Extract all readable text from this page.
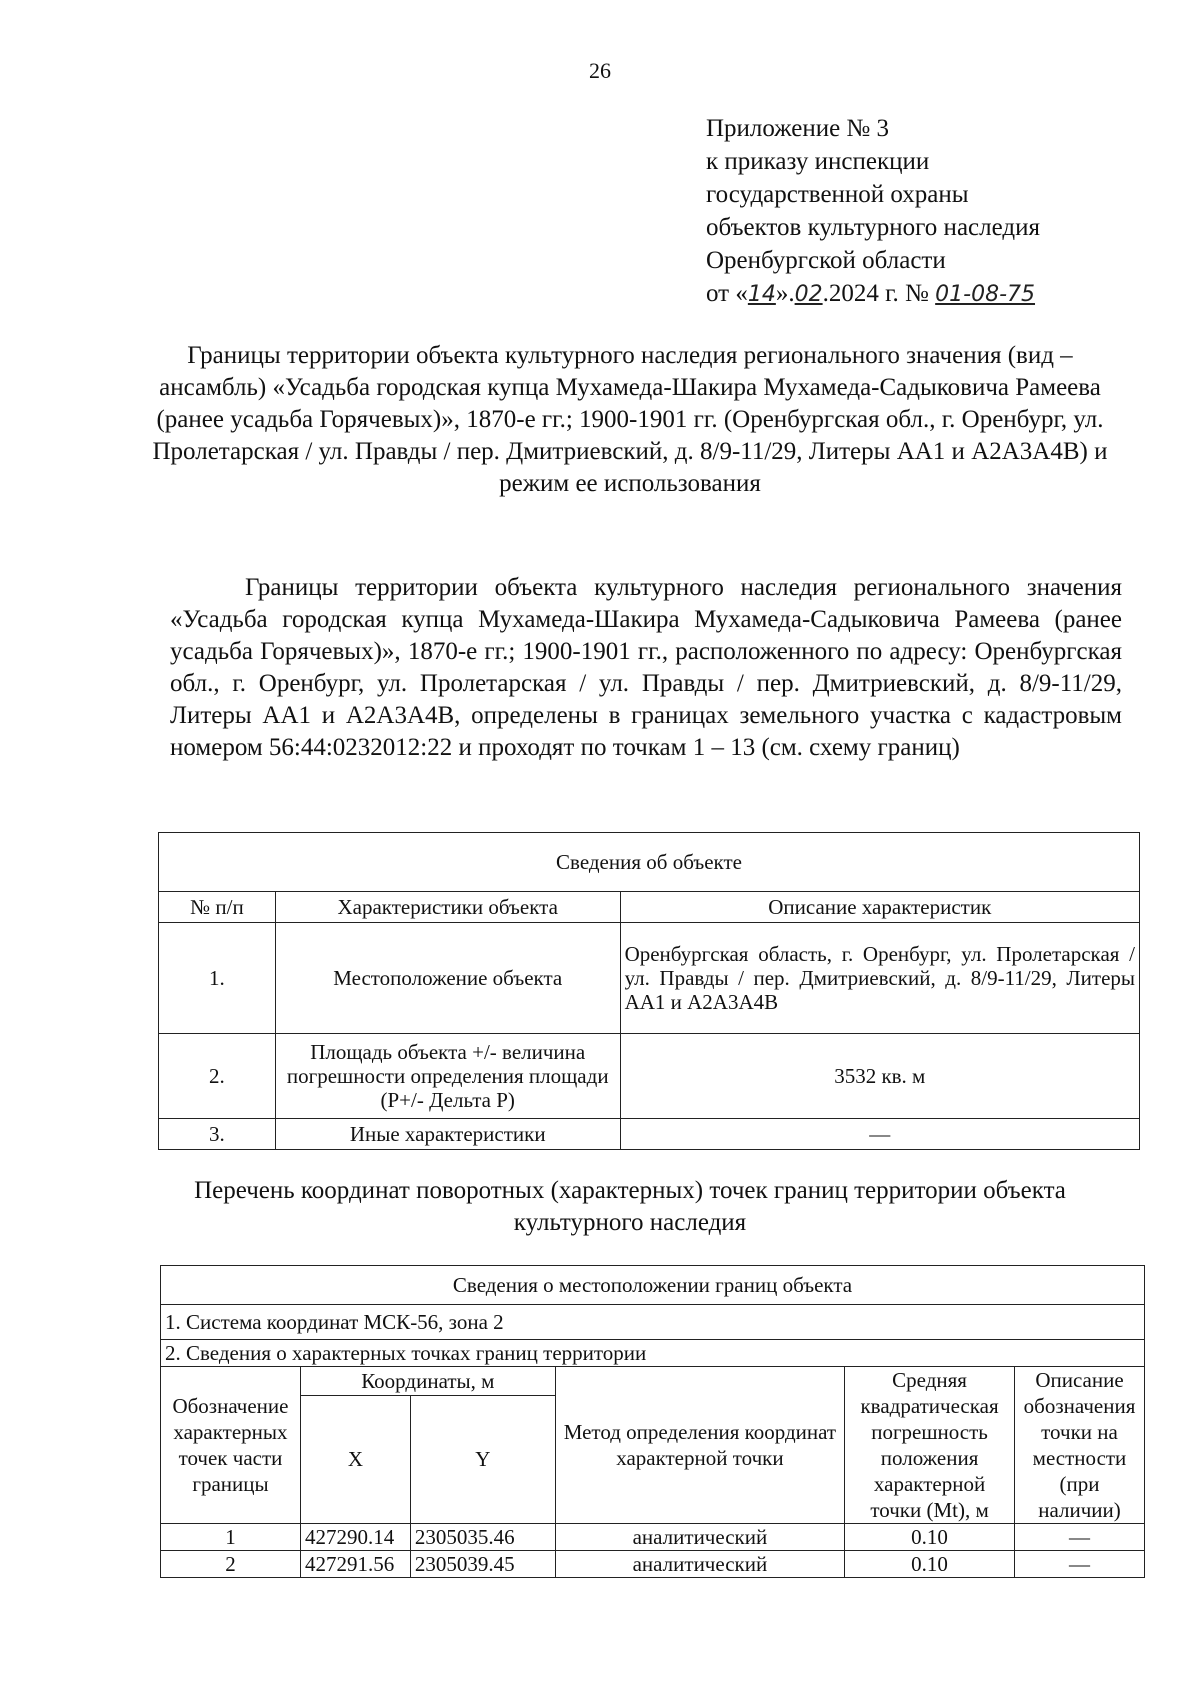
26
Приложение № 3
к приказу инспекции
государственной охраны
объектов культурного наследия
Оренбургской области
от «14».02.2024 г. № 01-08-75
Границы территории объекта культурного наследия регионального значения (вид – ансамбль) «Усадьба городская купца Мухамеда-Шакира Мухамеда-Садыковича Рамеева (ранее усадьба Горячевых)», 1870-е гг.; 1900-1901 гг. (Оренбургская обл., г. Оренбург, ул. Пролетарская / ул. Правды / пер. Дмитриевский, д. 8/9-11/29, Литеры АА1 и А2А3А4В) и режим ее использования
Границы территории объекта культурного наследия регионального значения «Усадьба городская купца Мухамеда-Шакира Мухамеда-Садыковича Рамеева (ранее усадьба Горячевых)», 1870-е гг.; 1900-1901 гг., расположенного по адресу: Оренбургская обл., г. Оренбург, ул. Пролетарская / ул. Правды / пер. Дмитриевский, д. 8/9-11/29, Литеры АА1 и А2А3А4В, определены в границах земельного участка с кадастровым номером 56:44:0232012:22 и проходят по точкам 1 – 13 (см. схему границ)
Сведения об объекте		
№ п/п	Характеристики объекта	Описание характеристик
1.	Местоположение объекта	Оренбургская область, г. Оренбург, ул. Пролетарская / ул. Правды / пер. Дмитриевский, д. 8/9-11/29, Литеры АА1 и А2А3А4В
2.	Площадь объекта +/- величина погрешности определения площади (P+/- Дельта P)	3532 кв. м
3.	Иные характеристики	—
Перечень координат поворотных (характерных) точек границ территории объекта культурного наследия
Сведения о местоположении границ объекта					
1. Система координат МСК-56, зона 2					
2. Сведения о характерных точках границ территории					
Обозначение характерных точек части границы	Координаты, м		Метод определения координат характерной точки	Средняя квадратическая погрешность положения характерной точки (Mt), м	Описание обозначения точки на местности (при наличии)
	X	Y			
1	427290.14	2305035.46	аналитический	0.10	—
2	427291.56	2305039.45	аналитический	0.10	—
